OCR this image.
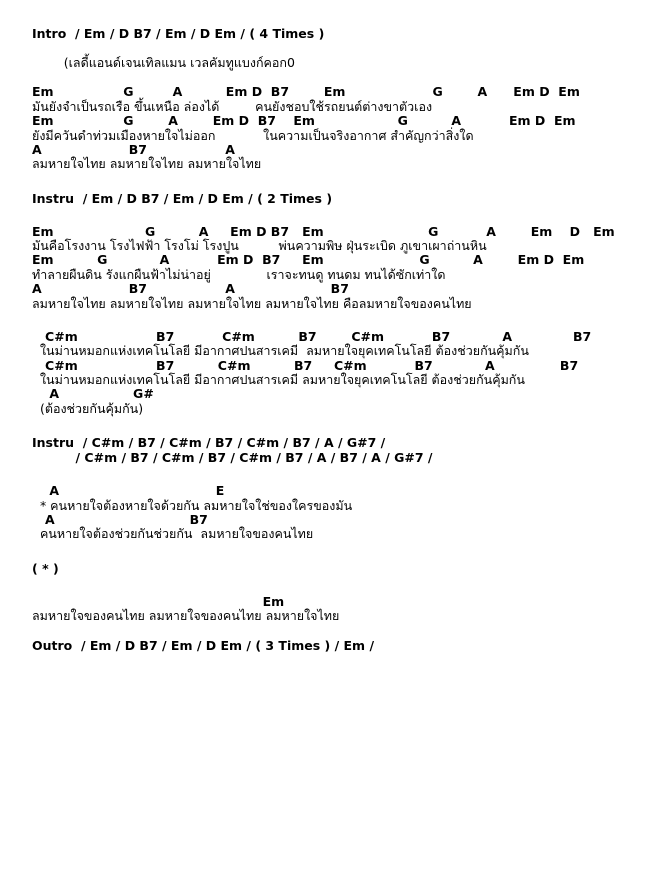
Intro  / Em / D B7 / Em / D Em / ( 4 Times )
(เลดี้แอนด์เจนเทิลแมน เวลคัมทูแบงก์คอก0
Em                G         A          Em D  B7        Em                    G        A      Em D  Em
มันยังจำเป็นรถเรือ ขึ้นเหนือ ล่องได้         คนยังชอบใช้รถยนต์ต่างขาตัวเอง
Em                G        A        Em D  B7    Em                   G          A           Em D  Em
ยังมีควันดำท่วมเมืองหายใจไม่ออก            ในความเป็นจริงอากาศ สำคัญกว่าสิ่งใด
A                    B7                  A
ลมหายใจไทย ลมหายใจไทย ลมหายใจไทย
Instru  / Em / D B7 / Em / D Em / ( 2 Times )
Em                     G          A     Em D B7   Em                        G           A        Em    D   Em
มันคือโรงงาน โรงไฟฟ้า โรงโม่ โรงปูน          พ่นความพิษ ฝุ่นระเบิด ภูเขาเผาถ่านหิน
Em          G            A           Em D  B7     Em                      G          A        Em D  Em
ทำลายผืนดิน รังแกผืนฟ้าไม่น่าอยู่              เราจะทนดู ทนดม ทนได้ซักเท่าใด
A                    B7                  A                      B7
ลมหายใจไทย ลมหายใจไทย ลมหายใจไทย ลมหายใจไทย คือลมหายใจของคนไทย
C#m                  B7           C#m          B7        C#m           B7            A              B7
ในม่านหมอกแห่งเทคโนโลยี มีอากาศปนสารเคมี  ลมหายใจยุคเทคโนโลยี ต้องช่วยกันคุ้มกัน
C#m                  B7          C#m          B7     C#m           B7            A               B7
ในม่านหมอกแห่งเทคโนโลยี มีอากาศปนสารเคมี ลมหายใจยุคเทคโนโลยี ต้องช่วยกันคุ้มกัน
A                 G#
(ต้องช่วยกันคุ้มกัน)
Instru  / C#m / B7 / C#m / B7 / C#m / B7 / A / G#7 /
/ C#m / B7 / C#m / B7 / C#m / B7 / A / B7 / A / G#7 /
A                                    E
* คนหายใจต้องหายใจด้วยกัน ลมหายใจใช่ของใครของมัน
A                               B7
คนหายใจต้องช่วยกันช่วยกัน  ลมหายใจของคนไทย
( * )
Em
ลมหายใจของคนไทย ลมหายใจของคนไทย ลมหายใจไทย
Outro  / Em / D B7 / Em / D Em / ( 3 Times ) / Em /
